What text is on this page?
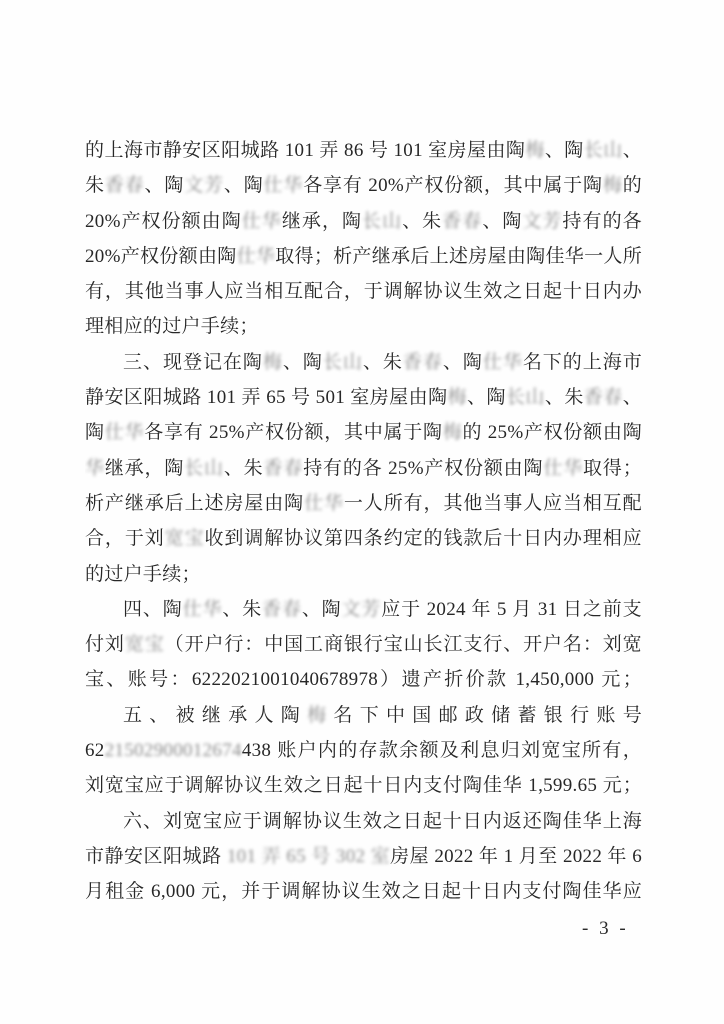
的上海市静安区阳城路 101 弄 86 号 101 室房屋由陶梅、陶长山、
朱香春、陶文芳、陶仕华各享有 20%产权份额，其中属于陶梅的
20%产权份额由陶仕华继承，陶长山、朱香春、陶文芳持有的各
20%产权份额由陶仕华取得；析产继承后上述房屋由陶佳华一人所
有，其他当事人应当相互配合，于调解协议生效之日起十日内办
理相应的过户手续；
三、现登记在陶梅、陶长山、朱香春、陶仕华名下的上海市
静安区阳城路 101 弄 65 号 501 室房屋由陶梅、陶长山、朱香春、
陶仕华各享有 25%产权份额，其中属于陶梅的 25%产权份额由陶
华继承，陶长山、朱香春持有的各 25%产权份额由陶仕华取得；
析产继承后上述房屋由陶仕华一人所有，其他当事人应当相互配
合，于刘宽宝收到调解协议第四条约定的钱款后十日内办理相应
的过户手续；
四、陶仕华、朱香春、陶文芳应于 2024 年 5 月 31 日之前支
付刘宽宝（开户行：中国工商银行宝山长江支行、开户名：刘宽
宝、账号：6222021001040678978）遗产折价款 1,450,000 元；
五、被继承人陶梅名下中国邮政储蓄银行账号
6221502900012674438 账户内的存款余额及利息归刘宽宝所有，
刘宽宝应于调解协议生效之日起十日内支付陶佳华 1,599.65 元；
六、刘宽宝应于调解协议生效之日起十日内返还陶佳华上海
市静安区阳城路 101 弄 65 号 302 室房屋 2022 年 1 月至 2022 年 6
月租金 6,000 元，并于调解协议生效之日起十日内支付陶佳华应
- 3 -
